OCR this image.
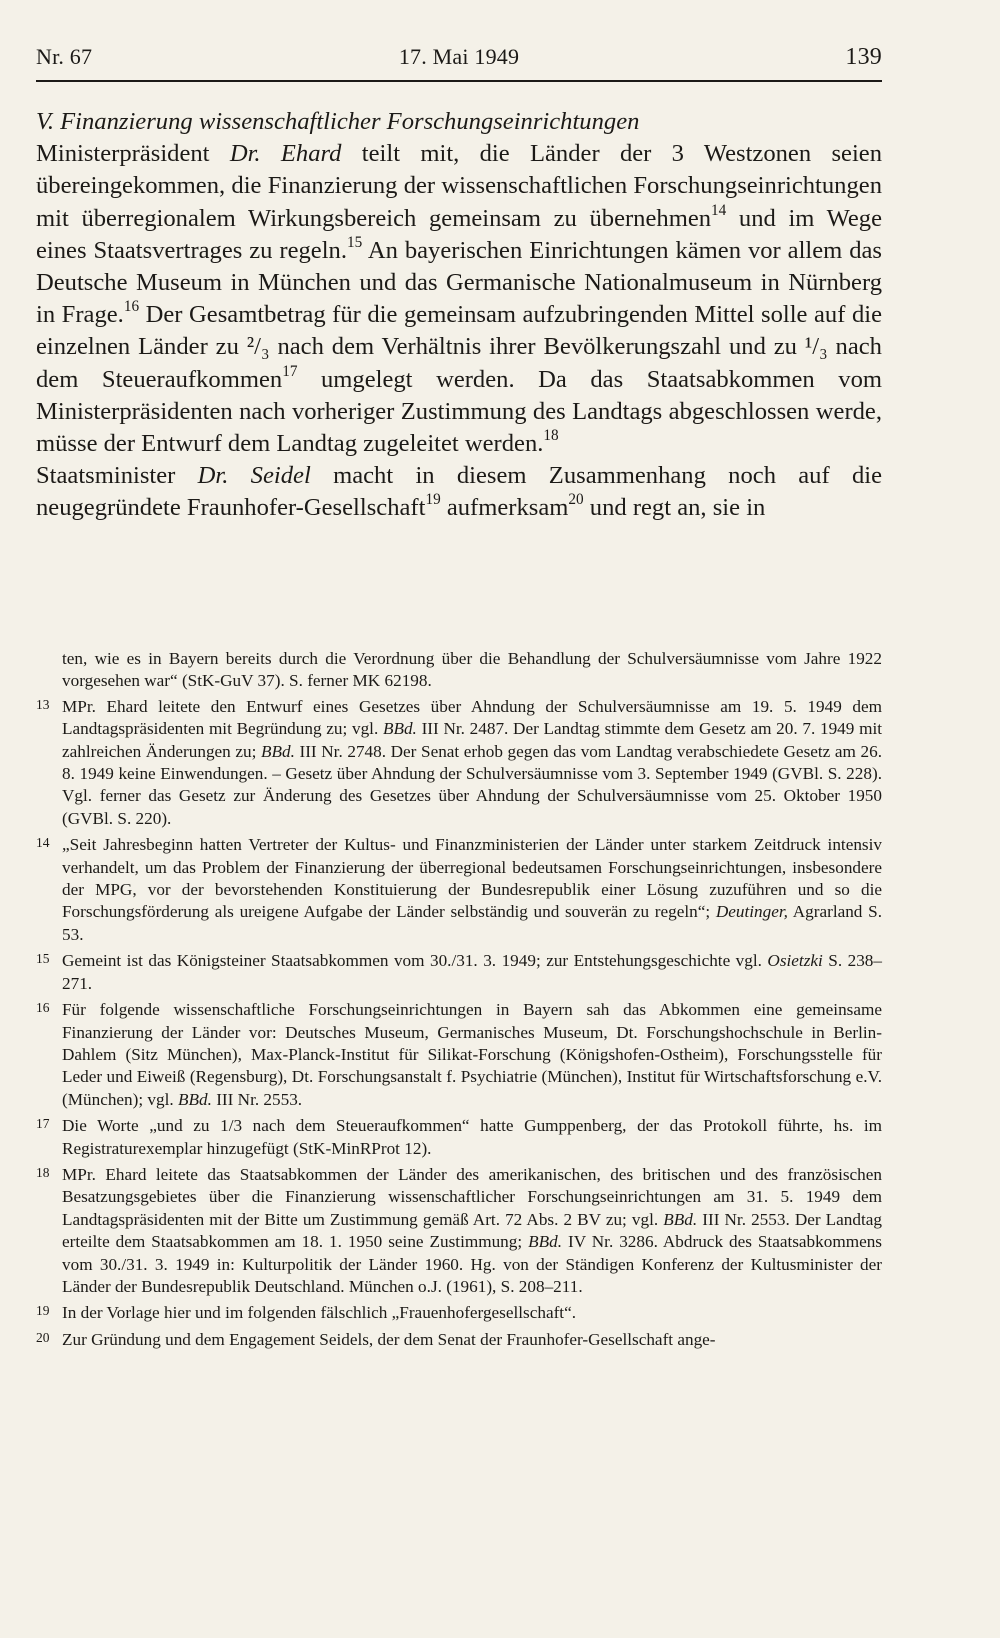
Nr. 67	17. Mai 1949	139

V. Finanzierung wissenschaftlicher Forschungseinrichtungen

Ministerpräsident Dr. Ehard teilt mit, die Länder der 3 Westzonen seien übereingekommen, die Finanzierung der wissenschaftlichen Forschungseinrichtungen mit überregionalem Wirkungsbereich gemeinsam zu übernehmen$^{14}$ und im Wege eines Staatsvertrages zu regeln.$^{15}$ An bayerischen Einrichtungen kämen vor allem das Deutsche Museum in München und das Germanische Nationalmuseum in Nürnberg in Frage.$^{16}$ Der Gesamtbetrag für die gemeinsam aufzubringenden Mittel solle auf die einzelnen Länder zu ²/₃ nach dem Verhältnis ihrer Bevölkerungszahl und zu ¹/₃ nach dem Steueraufkommen$^{17}$ umgelegt werden. Da das Staatsabkommen vom Ministerpräsidenten nach vorheriger Zustimmung des Landtags abgeschlossen werde, müsse der Entwurf dem Landtag zugeleitet werden.$^{18}$

Staatsminister Dr. Seidel macht in diesem Zusammenhang noch auf die neugegründete Fraunhofer-Gesellschaft$^{19}$ aufmerksam$^{20}$ und regt an, sie in

ten, wie es in Bayern bereits durch die Verordnung über die Behandlung der Schulversäumnisse vom Jahre 1922 vorgesehen war“ (StK-GuV 37). S. ferner MK 62198.

13 MPr. Ehard leitete den Entwurf eines Gesetzes über Ahndung der Schulversäumnisse am 19. 5. 1949 dem Landtagspräsidenten mit Begründung zu; vgl. BBd. III Nr. 2487. Der Landtag stimmte dem Gesetz am 20. 7. 1949 mit zahlreichen Änderungen zu; BBd. III Nr. 2748. Der Senat erhob gegen das vom Landtag verabschiedete Gesetz am 26. 8. 1949 keine Einwendungen. – Gesetz über Ahndung der Schulversäumnisse vom 3. September 1949 (GVBl. S. 228). Vgl. ferner das Gesetz zur Änderung des Gesetzes über Ahndung der Schulversäumnisse vom 25. Oktober 1950 (GVBl. S. 220).
14 „Seit Jahresbeginn hatten Vertreter der Kultus- und Finanzministerien der Länder unter starkem Zeitdruck intensiv verhandelt, um das Problem der Finanzierung der überregional bedeutsamen Forschungseinrichtungen, insbesondere der MPG, vor der bevorstehenden Konstituierung der Bundesrepublik einer Lösung zuzuführen und so die Forschungsförderung als ureigene Aufgabe der Länder selbständig und souverän zu regeln“; Deutinger, Agrarland S. 53.
15 Gemeint ist das Königsteiner Staatsabkommen vom 30./31. 3. 1949; zur Entstehungsgeschichte vgl. Osietzki S. 238–271.
16 Für folgende wissenschaftliche Forschungseinrichtungen in Bayern sah das Abkommen eine gemeinsame Finanzierung der Länder vor: Deutsches Museum, Germanisches Museum, Dt. Forschungshochschule in Berlin-Dahlem (Sitz München), Max-Planck-Institut für Silikat-Forschung (Königshofen-Ostheim), Forschungsstelle für Leder und Eiweiß (Regensburg), Dt. Forschungsanstalt f. Psychiatrie (München), Institut für Wirtschaftsforschung e.V. (München); vgl. BBd. III Nr. 2553.
17 Die Worte „und zu 1/3 nach dem Steueraufkommen“ hatte Gumppenberg, der das Protokoll führte, hs. im Registraturexemplar hinzugefügt (StK-MinRProt 12).
18 MPr. Ehard leitete das Staatsabkommen der Länder des amerikanischen, des britischen und des französischen Besatzungsgebietes über die Finanzierung wissenschaftlicher Forschungseinrichtungen am 31. 5. 1949 dem Landtagspräsidenten mit der Bitte um Zustimmung gemäß Art. 72 Abs. 2 BV zu; vgl. BBd. III Nr. 2553. Der Landtag erteilte dem Staatsabkommen am 18. 1. 1950 seine Zustimmung; BBd. IV Nr. 3286. Abdruck des Staatsabkommens vom 30./31. 3. 1949 in: Kulturpolitik der Länder 1960. Hg. von der Ständigen Konferenz der Kultusminister der Länder der Bundesrepublik Deutschland. München o.J. (1961), S. 208–211.
19 In der Vorlage hier und im folgenden fälschlich „Frauenhofergesellschaft“.
20 Zur Gründung und dem Engagement Seidels, der dem Senat der Fraunhofer-Gesellschaft ange-
